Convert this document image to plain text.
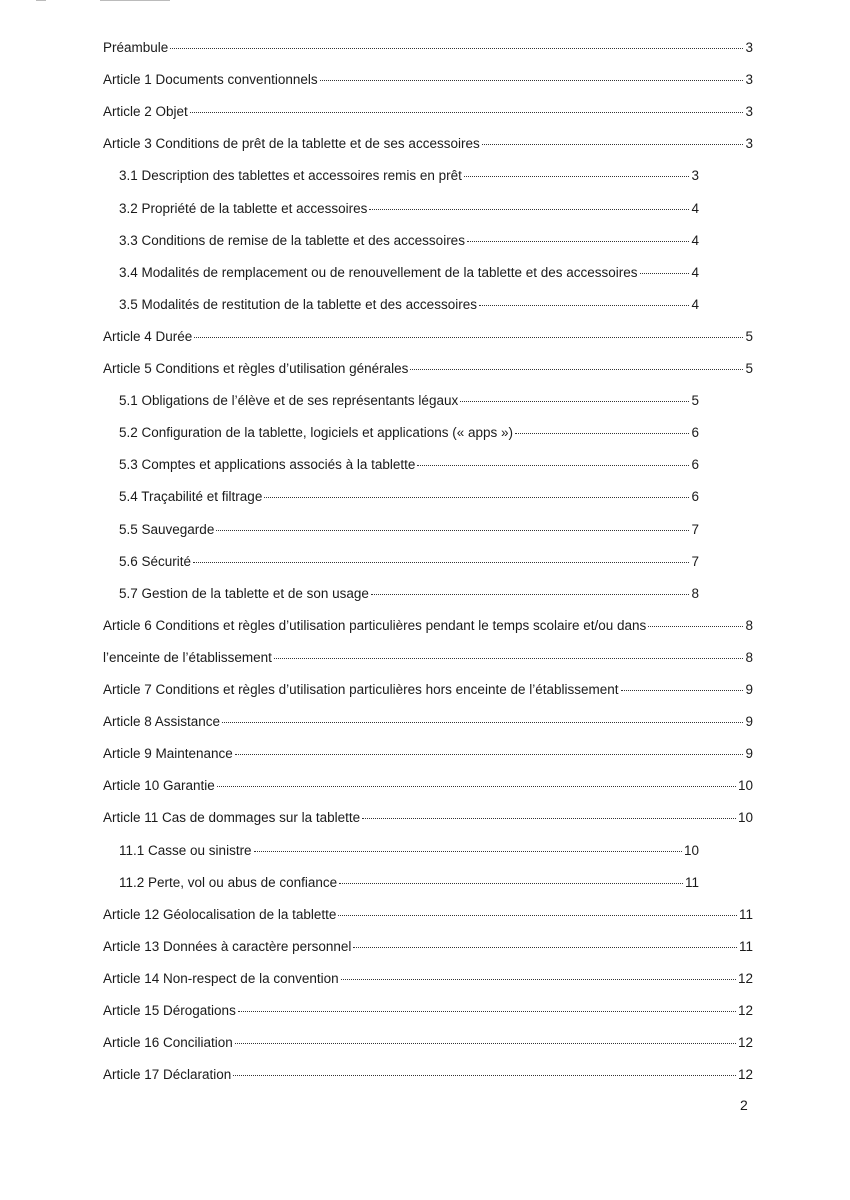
Préambule	3
Article 1 Documents conventionnels	3
Article 2 Objet	3
Article 3 Conditions de prêt de la tablette et de ses accessoires	3
3.1 Description des tablettes et accessoires remis en prêt	3
3.2 Propriété de la tablette et accessoires	4
3.3 Conditions de remise de la tablette et des accessoires	4
3.4 Modalités de remplacement ou de renouvellement de la tablette et des accessoires	4
3.5 Modalités de restitution de la tablette et des accessoires	4
Article 4 Durée	5
Article 5 Conditions et règles d’utilisation générales	5
5.1 Obligations de l’élève et de ses représentants légaux	5
5.2 Configuration de la tablette, logiciels et applications (« apps »)	6
5.3 Comptes et applications associés à la tablette	6
5.4 Traçabilité et filtrage	6
5.5 Sauvegarde	7
5.6 Sécurité	7
5.7 Gestion de la tablette et de son usage	8
Article 6 Conditions et règles d’utilisation particulières pendant le temps scolaire et/ou dans	8
l’enceinte de l’établissement	8
Article 7 Conditions et règles d’utilisation particulières hors enceinte de l’établissement	9
Article 8 Assistance	9
Article 9 Maintenance	9
Article 10 Garantie	10
Article 11 Cas de dommages sur la tablette	10
11.1 Casse ou sinistre	10
11.2 Perte, vol ou abus de confiance	11
Article 12 Géolocalisation de la tablette	11
Article 13 Données à caractère personnel	11
Article 14 Non-respect de la convention	12
Article 15 Dérogations	12
Article 16 Conciliation	12
Article 17 Déclaration	12
2
